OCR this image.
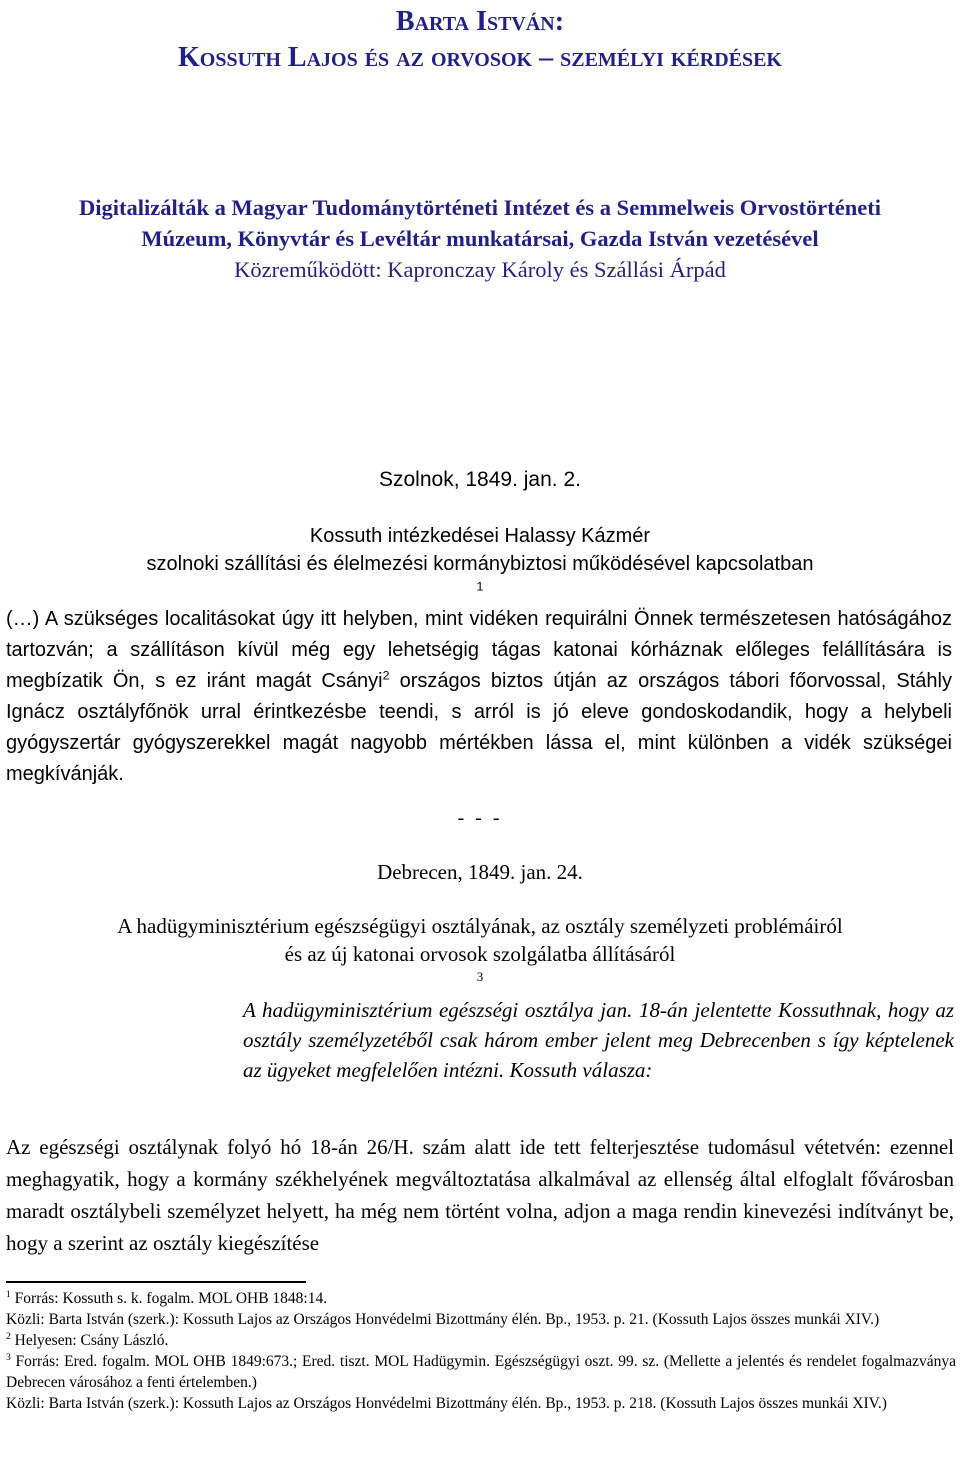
Barta István:
Kossuth Lajos és az orvosok – személyi kérdések
Digitalizálták a Magyar Tudománytörténeti Intézet és a Semmelweis Orvostörténeti
Múzeum, Könyvtár és Levéltár munkatársai, Gazda István vezetésével
Közreműködött: Kapronczay Károly és Szállási Árpád
Szolnok, 1849. jan. 2.
Kossuth intézkedései Halassy Kázmér
szolnoki szállítási és élelmezési kormánybiztosi működésével kapcsolatban
$^1$
(…) A szükséges localitásokat úgy itt helyben, mint vidéken requirálni Önnek természetesen hatóságához tartozván; a szállításon kívül még egy lehetségig tágas katonai kórháznak előleges felállítására is megbízatik Ön, s ez iránt magát Csányi$^2$ országos biztos útján az országos tábori főorvossal, Stáhly Ignácz osztályfőnök urral érintkezésbe teendi, s arról is jó eleve gondoskodandik, hogy a helybeli gyógyszertár gyógyszerekkel magát nagyobb mértékben lássa el, mint különben a vidék szükségei megkívánják.
- - -
Debrecen, 1849. jan. 24.
A hadügyminisztérium egészségügyi osztályának, az osztály személyzeti problémáiról
és az új katonai orvosok szolgálatba állításáról
$^3$
A hadügyminisztérium egészségi osztálya jan. 18-án jelentette Kossuthnak, hogy az osztály személyzetéből csak három ember jelent meg Debrecenben s így képtelenek az ügyeket megfelelően intézni. Kossuth válasza:
Az egészségi osztálynak folyó hó 18-án 26/H. szám alatt ide tett felterjesztése tudomásul vétetvén: ezennel meghagyatik, hogy a kormány székhelyének megváltoztatása alkalmával az ellenség által elfoglalt fővárosban maradt osztálybeli személyzet helyett, ha még nem történt volna, adjon a maga rendin kinevezési indítványt be, hogy a szerint az osztály kiegészítése

$^1$ Forrás: Kossuth s. k. fogalm. MOL OHB 1848:14.

Közli: Barta István (szerk.): Kossuth Lajos az Országos Honvédelmi Bizottmány élén. Bp., 1953. p. 21. (Kossuth Lajos összes munkái XIV.)

$^2$ Helyesen: Csány László.

$^3$ Forrás: Ered. fogalm. MOL OHB 1849:673.; Ered. tiszt. MOL Hadügymin. Egészségügyi oszt. 99. sz. (Mellette a jelentés és rendelet fogalmazványa Debrecen városához a fenti értelemben.)

Közli: Barta István (szerk.): Kossuth Lajos az Országos Honvédelmi Bizottmány élén. Bp., 1953. p. 218. (Kossuth Lajos összes munkái XIV.)
